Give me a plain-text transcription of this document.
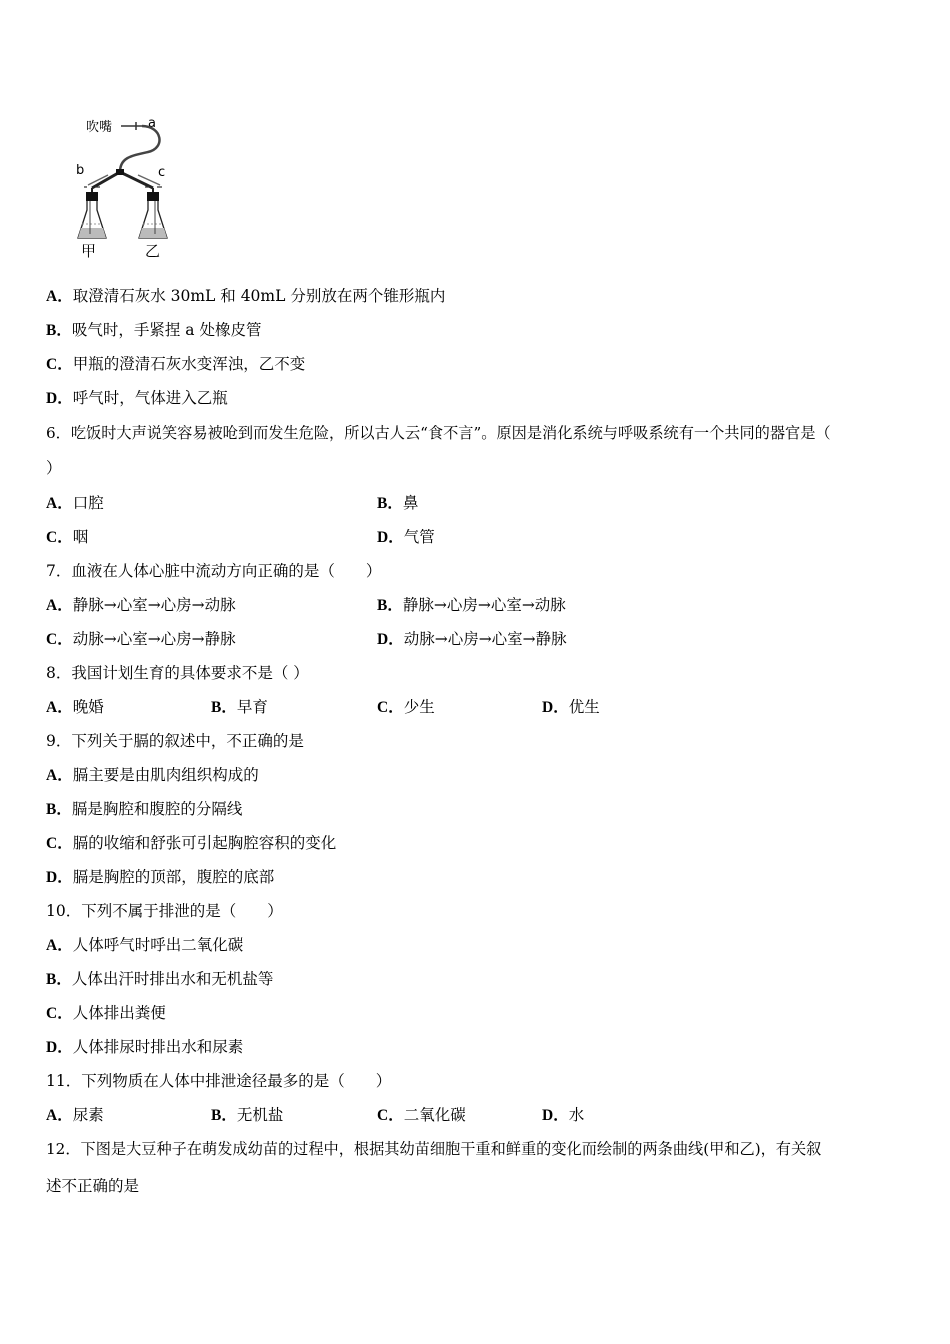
吹嘴	a
b	c
甲	乙
A．取澄清石灰水 30mL 和 40mL 分别放在两个锥形瓶内
B．吸气时，手紧捏 a 处橡皮管
C．甲瓶的澄清石灰水变浑浊，乙不变
D．呼气时，气体进入乙瓶
6．吃饭时大声说笑容易被呛到而发生危险，所以古人云“食不言”。原因是消化系统与呼吸系统有一个共同的器官是（
）
A．口腔	B．鼻
C．咽	D．气管
7．血液在人体心脏中流动方向正确的是（　　）
A．静脉→心室→心房→动脉	B．静脉→心房→心室→动脉
C．动脉→心室→心房→静脉	D．动脉→心房→心室→静脉
8．我国计划生育的具体要求不是（ ）
A．晚婚	B．早育	C．少生	D．优生
9．下列关于膈的叙述中，不正确的是
A．膈主要是由肌肉组织构成的
B．膈是胸腔和腹腔的分隔线
C．膈的收缩和舒张可引起胸腔容积的变化
D．膈是胸腔的顶部，腹腔的底部
10．下列不属于排泄的是（　　）
A．人体呼气时呼出二氧化碳
B．人体出汗时排出水和无机盐等
C．人体排出粪便
D．人体排尿时排出水和尿素
11．下列物质在人体中排泄途径最多的是（　　）
A．尿素	B．无机盐	C．二氧化碳	D．水
12．下图是大豆种子在萌发成幼苗的过程中，根据其幼苗细胞干重和鲜重的变化而绘制的两条曲线(甲和乙)，有关叙
述不正确的是
